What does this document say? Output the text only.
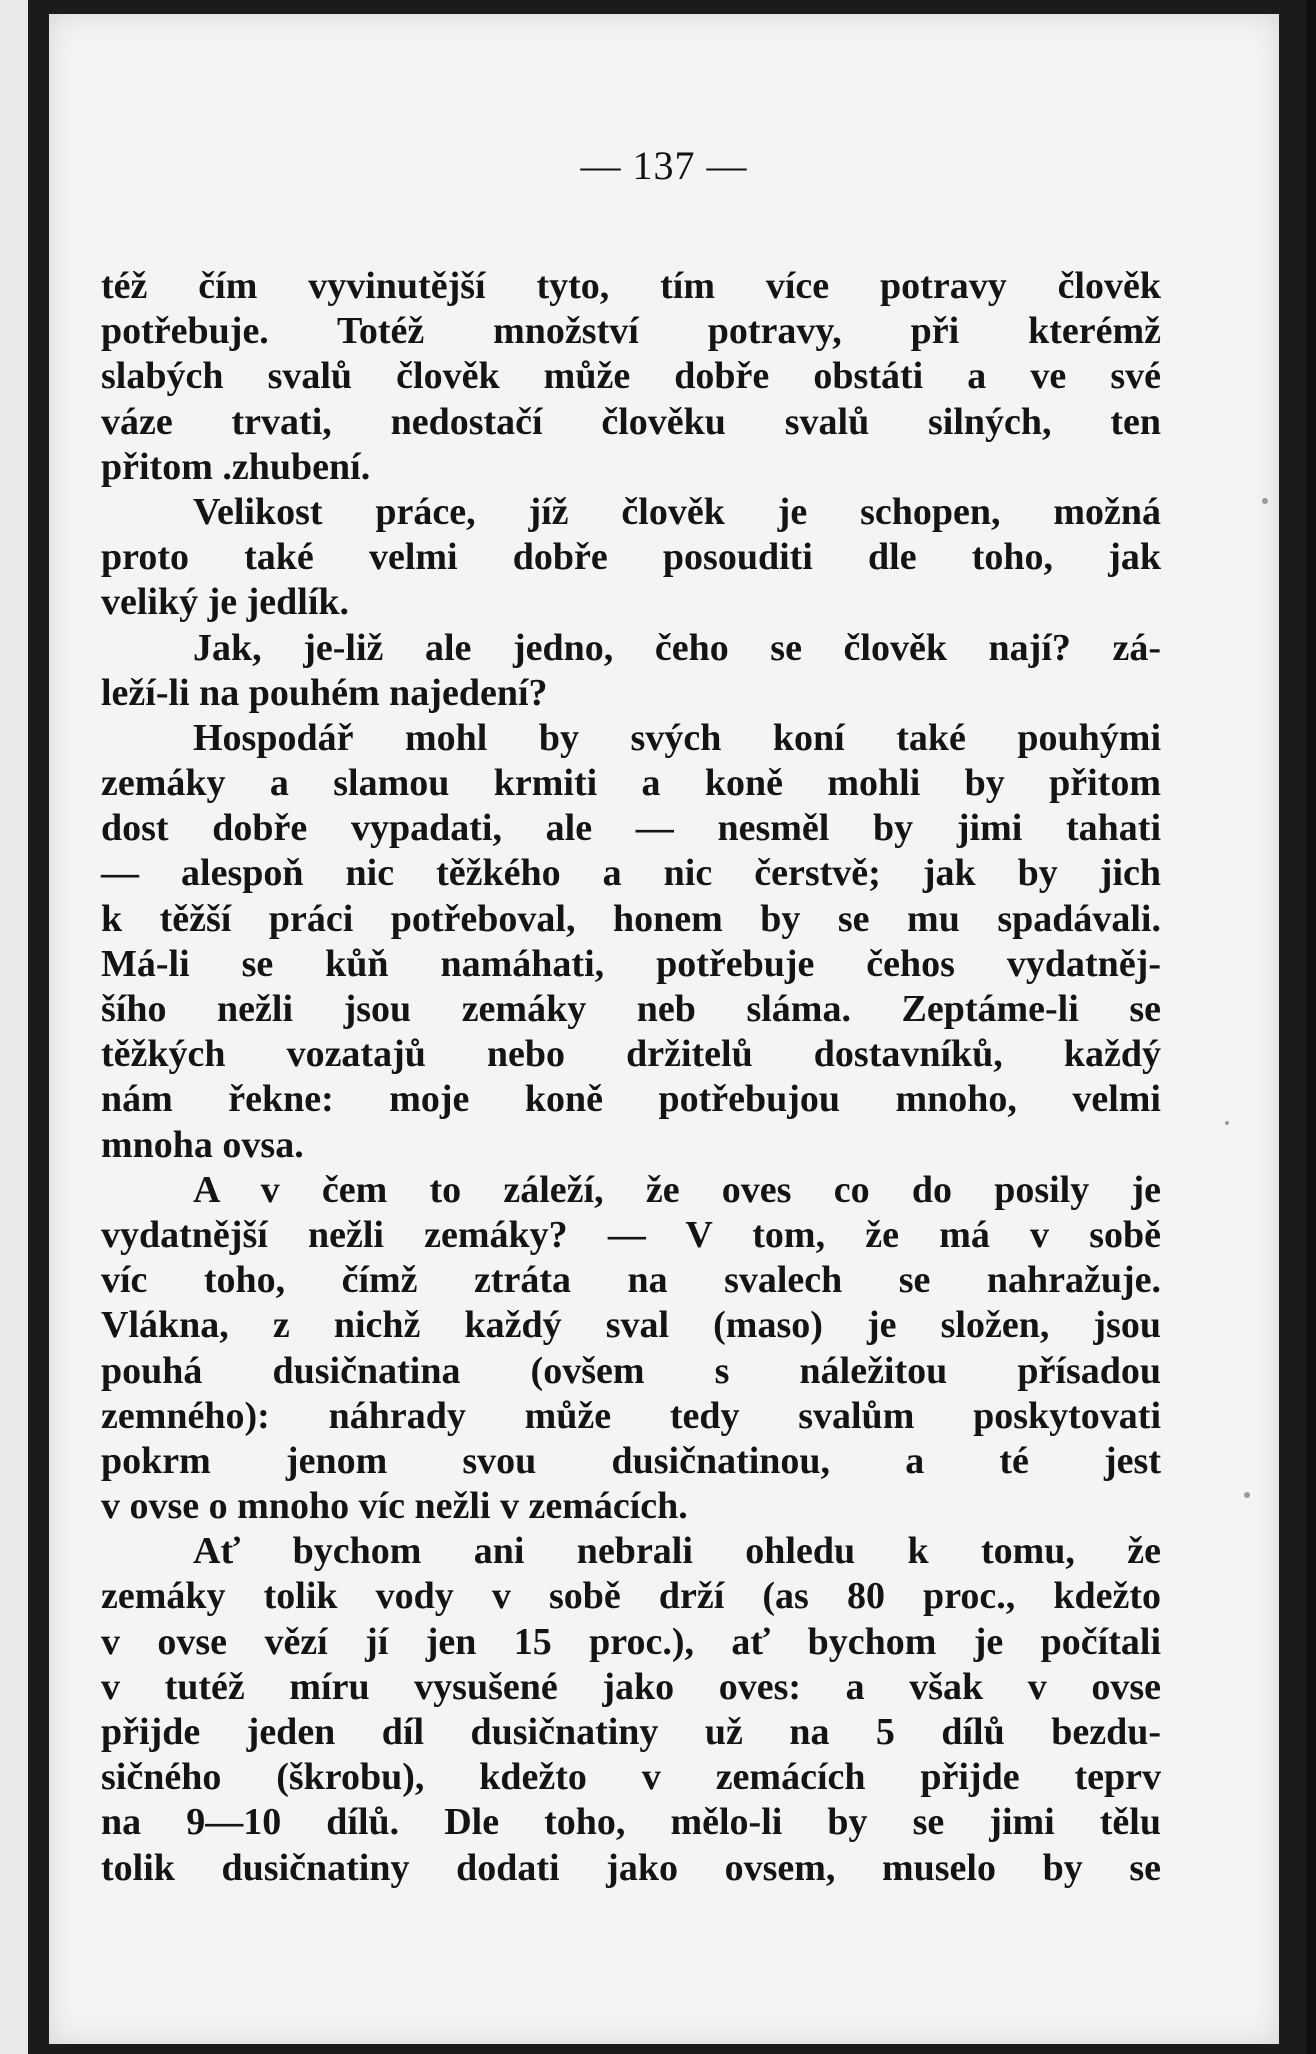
— 137 —
též čím vyvinutější tyto, tím více potravy člověk
potřebuje. Totéž množství potravy, při kterémž
slabých svalů člověk může dobře obstáti a ve své
váze trvati, nedostačí člověku svalů silných, ten
přitom .zhubení.
Velikost práce, jíž člověk je schopen, možná
proto také velmi dobře posouditi dle toho, jak
veliký je jedlík.
Jak, je-liž ale jedno, čeho se člověk nají? zá-
leží-li na pouhém najedení?
Hospodář mohl by svých koní také pouhými
zemáky a slamou krmiti a koně mohli by přitom
dost dobře vypadati, ale — nesměl by jimi tahati
— alespoň nic těžkého a nic čerstvě; jak by jich
k těžší práci potřeboval, honem by se mu spadávali.
Má-li se kůň namáhati, potřebuje čehos vydatněj-
šího nežli jsou zemáky neb sláma. Zeptáme-li se
těžkých vozatajů nebo držitelů dostavníků, každý
nám řekne: moje koně potřebujou mnoho, velmi
mnoha ovsa.
A v čem to záleží, že oves co do posily je
vydatnější nežli zemáky? — V tom, že má v sobě
víc toho, čímž ztráta na svalech se nahražuje.
Vlákna, z nichž každý sval (maso) je složen, jsou
pouhá dusičnatina (ovšem s náležitou přísadou
zemného): náhrady může tedy svalům poskytovati
pokrm jenom svou dusičnatinou, a té jest
v ovse o mnoho víc nežli v zemácích.
Ať bychom ani nebrali ohledu k tomu, že
zemáky tolik vody v sobě drží (as 80 proc., kdežto
v ovse vězí jí jen 15 proc.), ať bychom je počítali
v tutéž míru vysušené jako oves: a však v ovse
přijde jeden díl dusičnatiny už na 5 dílů bezdu-
sičného (škrobu), kdežto v zemácích přijde teprv
na 9—10 dílů. Dle toho, mělo-li by se jimi tělu
tolik dusičnatiny dodati jako ovsem, muselo by se
